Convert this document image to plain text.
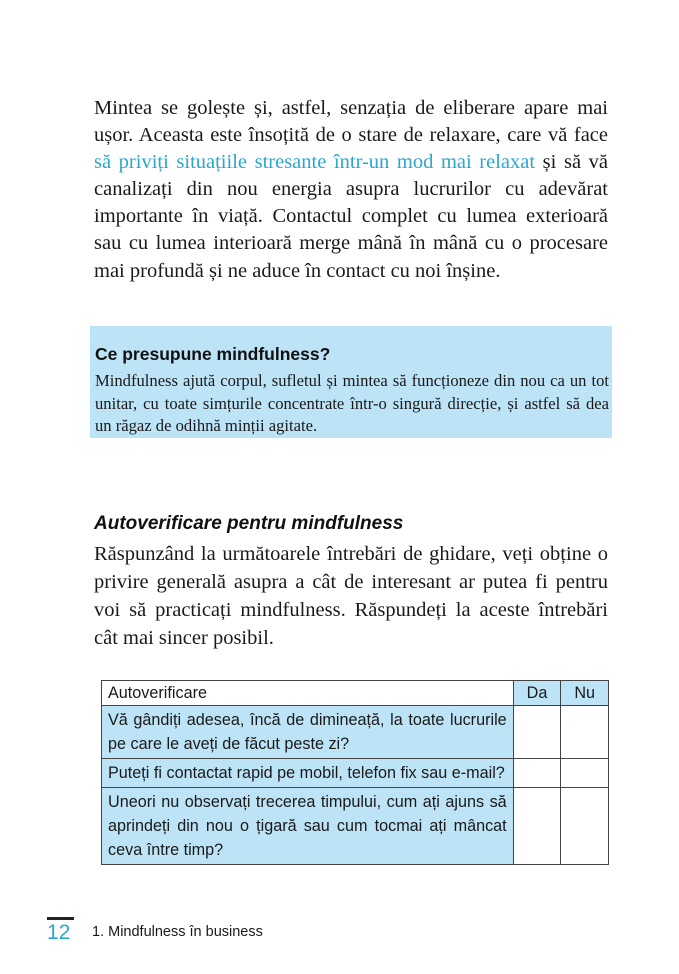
Mintea se golește și, astfel, senzația de eliberare apare mai ușor. Aceasta este însoțită de o stare de relaxare, care vă face să priviți situațiile stresante într-un mod mai relaxat și să vă canalizați din nou energia asupra lucrurilor cu adevărat importante în viață. Contactul complet cu lumea exterioară sau cu lumea interioară merge mână în mână cu o procesare mai profundă și ne aduce în contact cu noi înșine.

Ce presupune mindfulness?

Mindfulness ajută corpul, sufletul și mintea să funcționeze din nou ca un tot unitar, cu toate simțurile concentrate într-o singură direcție, și astfel să dea un răgaz de odihnă minții agitate.

Autoverificare pentru mindfulness

Răspunzând la următoarele întrebări de ghidare, veți obține o privire generală asupra a cât de interesant ar putea fi pentru voi să practicați mindfulness. Răspundeți la aceste întrebări cât mai sincer posibil.

Autoverificare	Da	Nu
Vă gândiți adesea, încă de dimineață, la toate lucrurile pe care le aveți de făcut peste zi?		
Puteți fi contactat rapid pe mobil, telefon fix sau e-mail?		
Uneori nu observați trecerea timpului, cum ați ajuns să aprindeți din nou o țigară sau cum tocmai ați mâncat ceva între timp?		
12 1. Mindfulness în business
